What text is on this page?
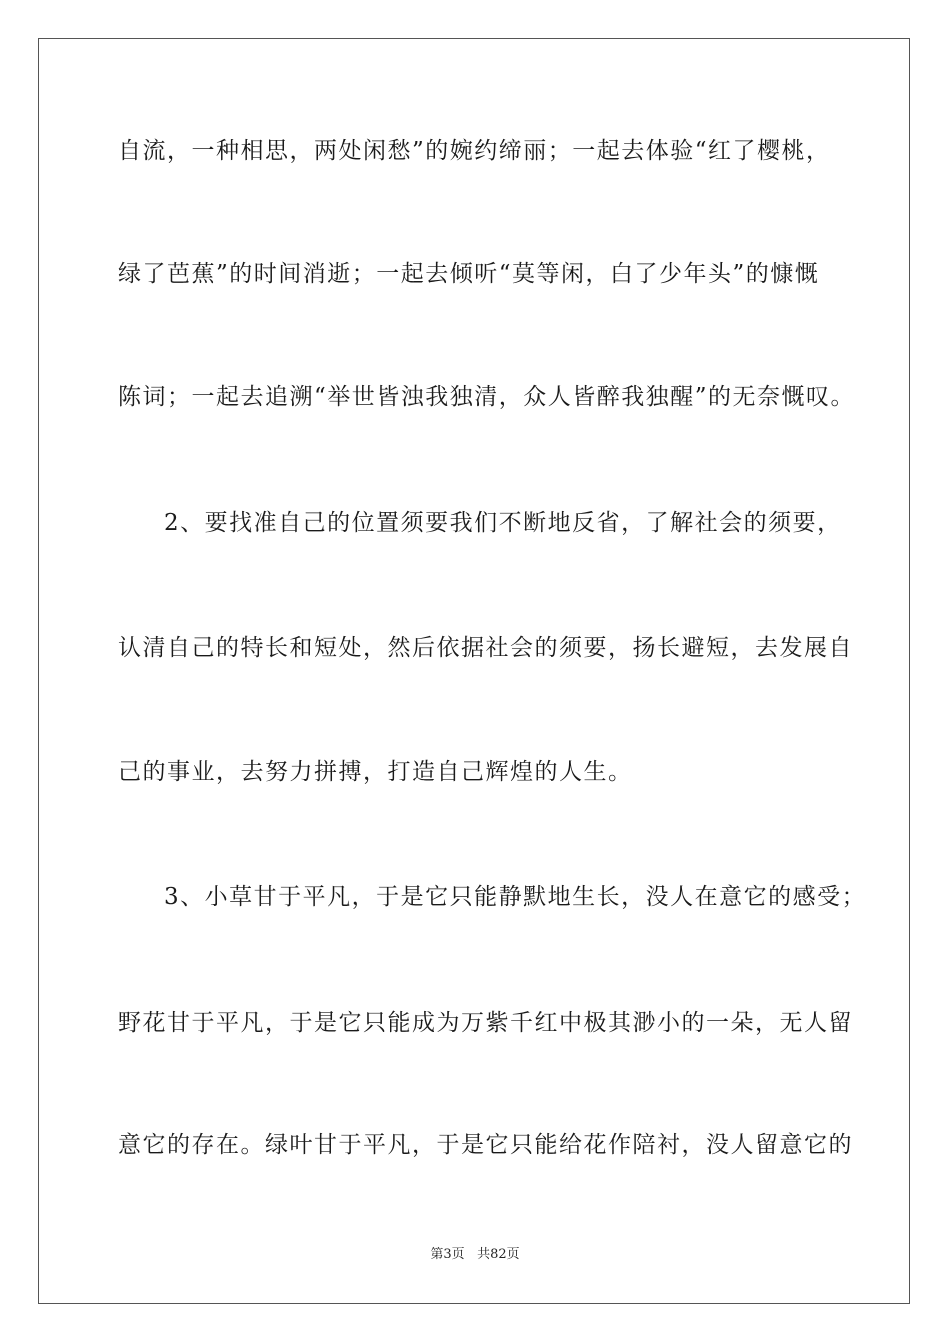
自流，一种相思，两处闲愁”的婉约缔丽；一起去体验“红了樱桃，
绿了芭蕉”的时间消逝；一起去倾听“莫等闲，白了少年头”的慷慨
陈词；一起去追溯“举世皆浊我独清，众人皆醉我独醒”的无奈慨叹。
2、要找准自己的位置须要我们不断地反省，了解社会的须要，
认清自己的特长和短处，然后依据社会的须要，扬长避短，去发展自
己的事业，去努力拼搏，打造自己辉煌的人生。
3、小草甘于平凡，于是它只能静默地生长，没人在意它的感受；
野花甘于平凡，于是它只能成为万紫千红中极其渺小的一朵，无人留
意它的存在。绿叶甘于平凡，于是它只能给花作陪衬，没人留意它的
第3页 共82页
